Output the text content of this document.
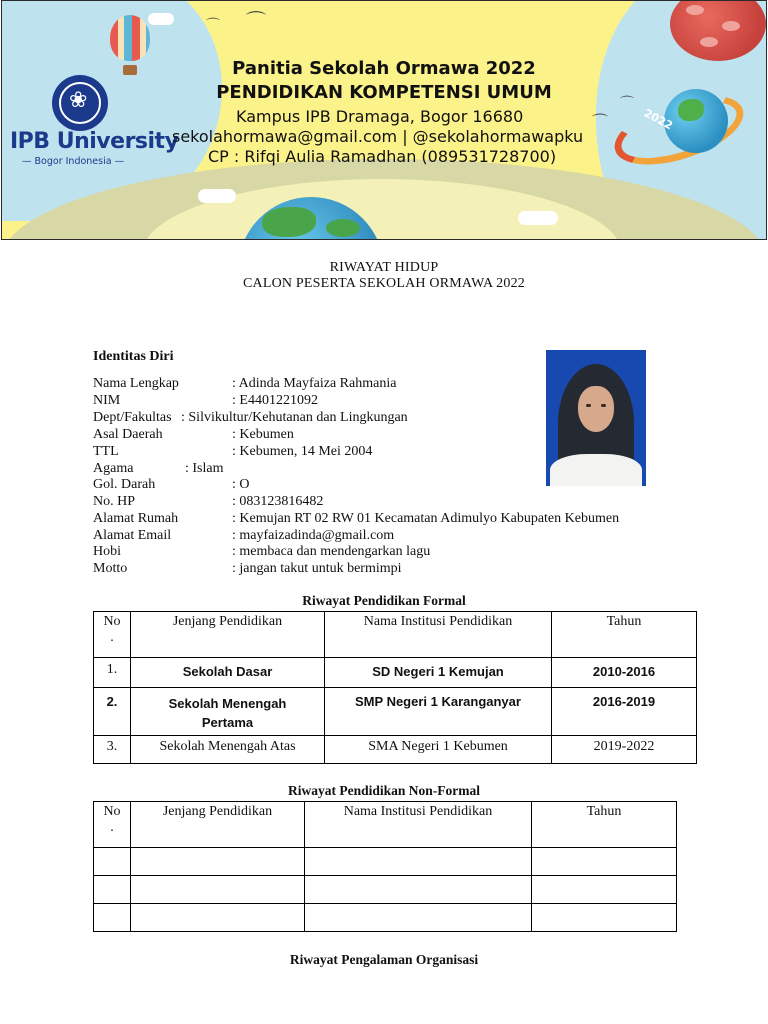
⌒ ⌒
⌒
⌒
2022
❀
IPB University
— Bogor Indonesia —
Panitia Sekolah Ormawa 2022
PENDIDIKAN KOMPETENSI UMUM
Kampus IPB Dramaga, Bogor 16680
sekolahormawa@gmail.com | @sekolahormawapku
CP : Rifqi Aulia Ramadhan (089531728700)
RIWAYAT HIDUP
CALON PESERTA SEKOLAH ORMAWA 2022
Identitas Diri
Nama Lengkap	: Adinda Mayfaiza Rahmania
NIM	: E4401221092
Dept/Fakultas : Silvikultur/Kehutanan dan Lingkungan
Asal Daerah	: Kebumen
TTL	: Kebumen, 14 Mei 2004
Agama	: Islam
Gol. Darah	: O
No. HP	: 083123816482
Alamat Rumah	: Kemujan RT 02 RW 01 Kecamatan Adimulyo Kabupaten Kebumen
Alamat Email	: mayfaizadinda@gmail.com
Hobi	: membaca dan mendengarkan lagu
Motto	: jangan takut untuk bermimpi
Riwayat Pendidikan Formal
No
.	Jenjang Pendidikan	Nama Institusi Pendidikan	Tahun
1.	Sekolah Dasar	SD Negeri 1 Kemujan	2010-2016
2.	Sekolah Menengah Pertama	SMP Negeri 1 Karanganyar	2016-2019
3.	Sekolah Menengah Atas	SMA Negeri 1 Kebumen	2019-2022
Riwayat Pendidikan Non-Formal
No
.	Jenjang Pendidikan	Nama Institusi Pendidikan	Tahun

Riwayat Pengalaman Organisasi
